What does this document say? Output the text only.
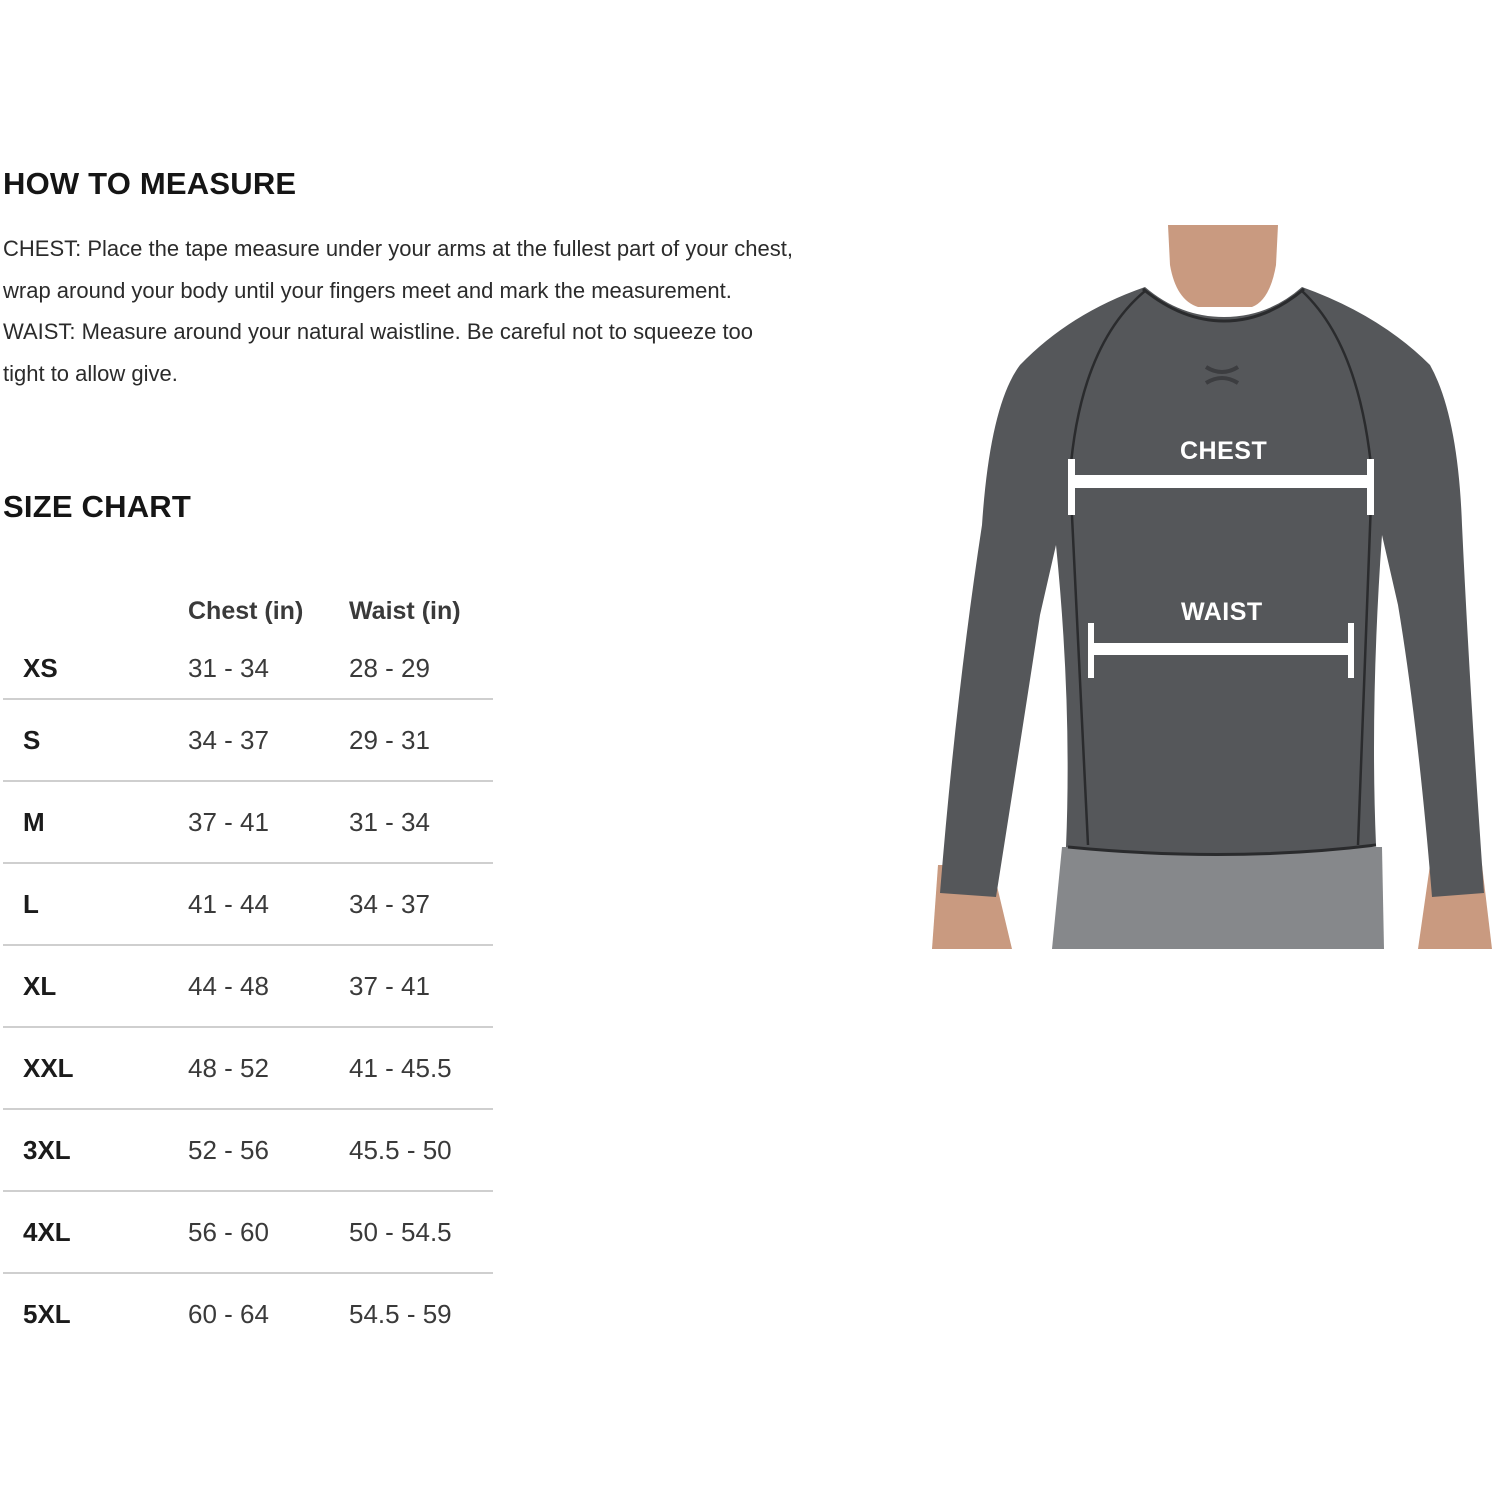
HOW TO MEASURE

CHEST: Place the tape measure under your arms at the fullest part of your chest, wrap around your body until your fingers meet and mark the measurement.

WAIST: Measure around your natural waistline. Be careful not to squeeze too tight to allow give.

SIZE CHART
	Chest (in)	Waist (in)
XS	31 - 34	28 - 29
S	34 - 37	29 - 31
M	37 - 41	31 - 34
L	41 - 44	34 - 37
XL	44 - 48	37 - 41
XXL	48 - 52	41 - 45.5
3XL	52 - 56	45.5 - 50
4XL	56 - 60	50 - 54.5
5XL	60 - 64	54.5 - 59
CHEST
WAIST
